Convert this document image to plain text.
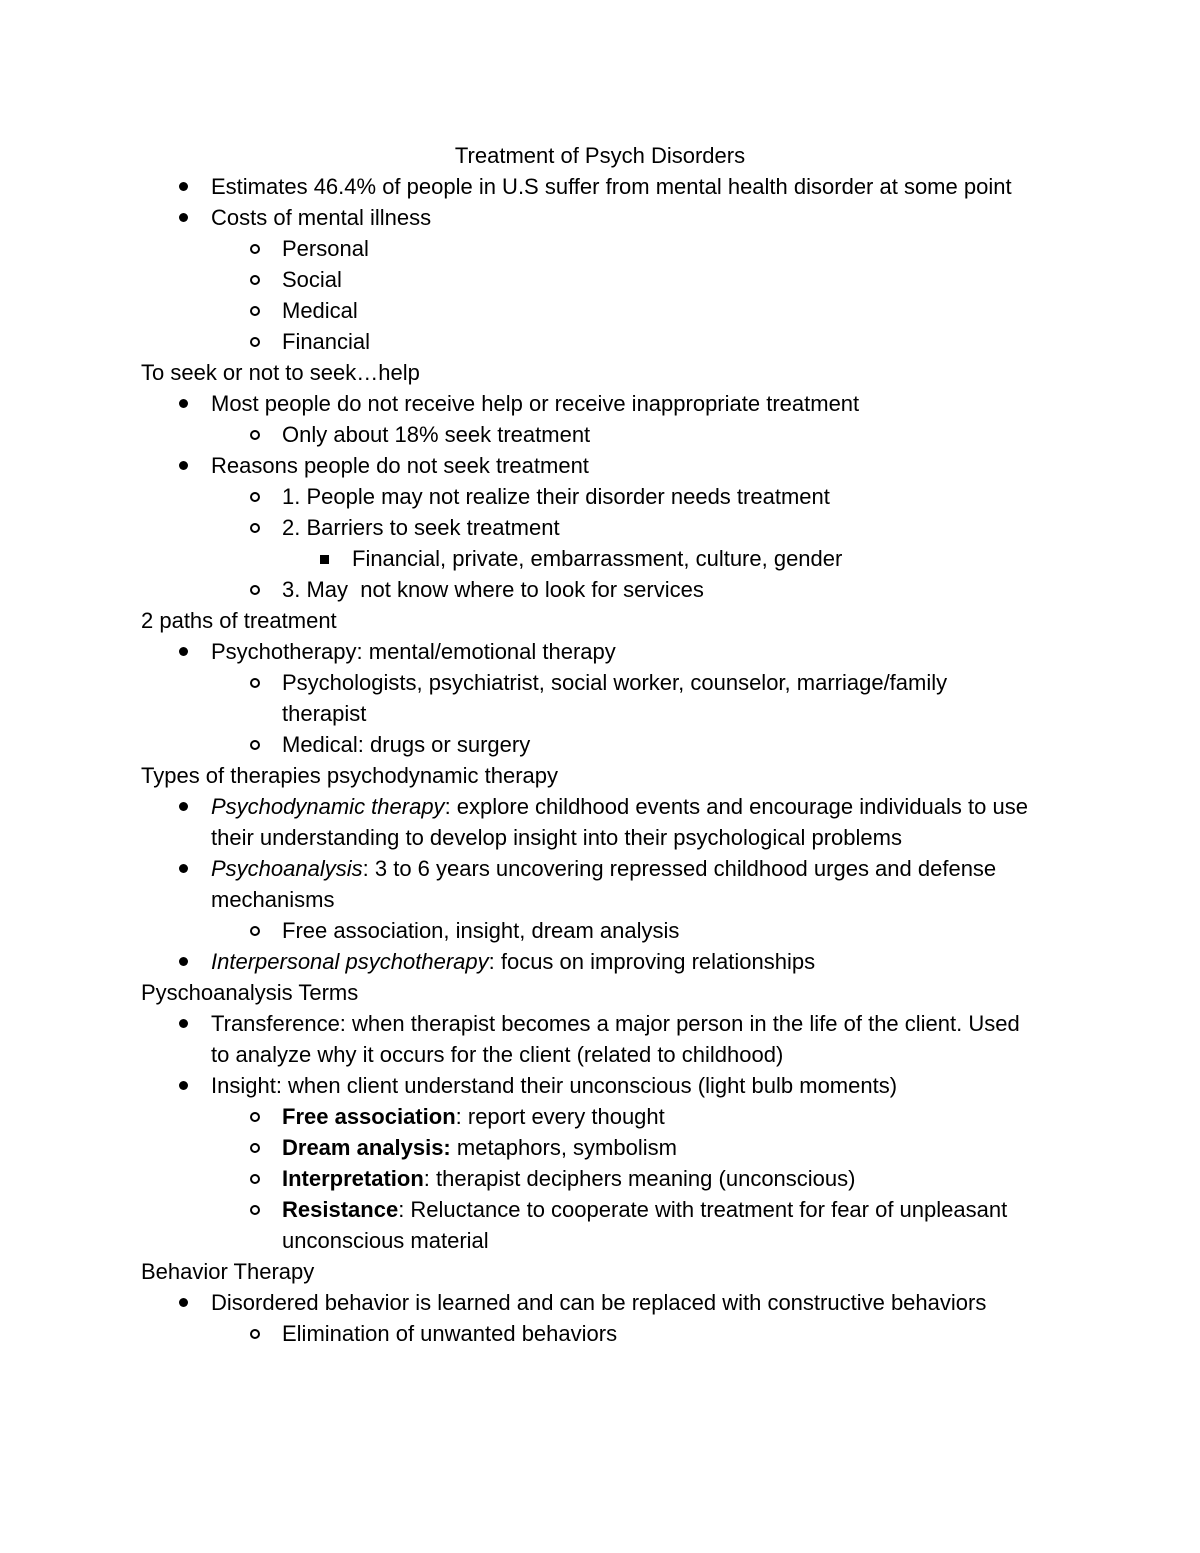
Treatment of Psych Disorders
Estimates 46.4% of people in U.S suffer from mental health disorder at some point
Costs of mental illness
Personal
Social
Medical
Financial
To seek or not to seek…help
Most people do not receive help or receive inappropriate treatment
Only about 18% seek treatment
Reasons people do not seek treatment
1. People may not realize their disorder needs treatment
2. Barriers to seek treatment
Financial, private, embarrassment, culture, gender
3. May  not know where to look for services
2 paths of treatment
Psychotherapy: mental/emotional therapy
Psychologists, psychiatrist, social worker, counselor, marriage/family therapist
Medical: drugs or surgery
Types of therapies psychodynamic therapy
Psychodynamic therapy: explore childhood events and encourage individuals to use their understanding to develop insight into their psychological problems
Psychoanalysis: 3 to 6 years uncovering repressed childhood urges and defense mechanisms
Free association, insight, dream analysis
Interpersonal psychotherapy: focus on improving relationships
Pyschoanalysis Terms
Transference: when therapist becomes a major person in the life of the client. Used to analyze why it occurs for the client (related to childhood)
Insight: when client understand their unconscious (light bulb moments)
Free association: report every thought
Dream analysis: metaphors, symbolism
Interpretation: therapist deciphers meaning (unconscious)
Resistance: Reluctance to cooperate with treatment for fear of unpleasant unconscious material
Behavior Therapy
Disordered behavior is learned and can be replaced with constructive behaviors
Elimination of unwanted behaviors
